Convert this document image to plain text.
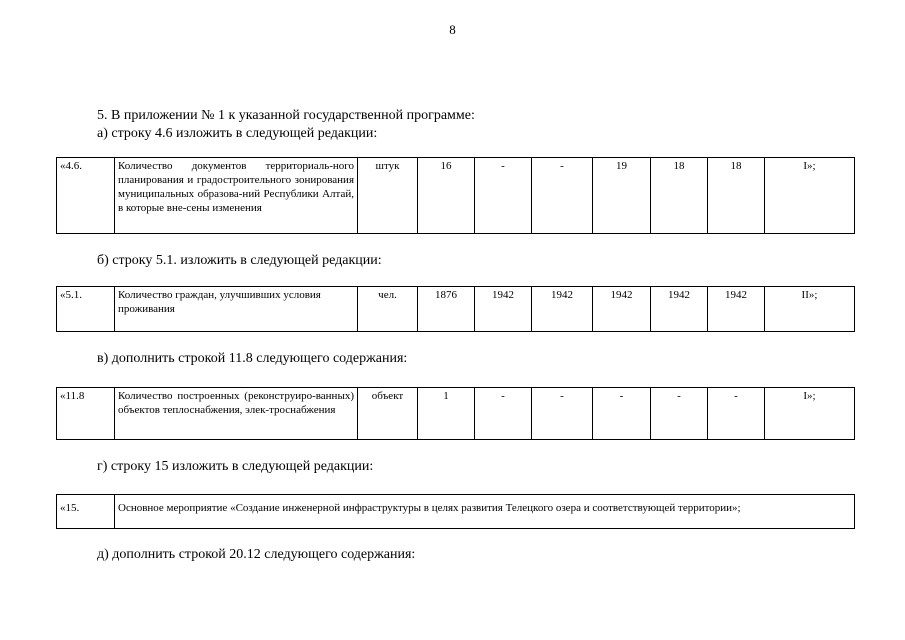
8
5. В приложении № 1 к указанной государственной программе:
а) строку 4.6 изложить в следующей редакции:
«4.6.	Количество документов территориаль-ного планирования и градостроительного зонирования муниципальных образова-ний Республики Алтай, в которые вне-сены изменения	штук	16	-	-	19	18	18	I»;
б) строку 5.1. изложить в следующей редакции:
«5.1.	Количество граждан, улучшивших условия проживания	чел.	1876	1942	1942	1942	1942	1942	II»;
в) дополнить строкой 11.8 следующего содержания:
«11.8	Количество построенных (реконструиро-ванных) объектов теплоснабжения, элек-троснабжения	объект	1	-	-	-	-	-	I»;
г) строку 15 изложить в следующей редакции:
«15.	Основное мероприятие «Создание инженерной инфраструктуры в целях развития Телецкого озера и соответствующей территории»;
д) дополнить строкой 20.12 следующего содержания:
